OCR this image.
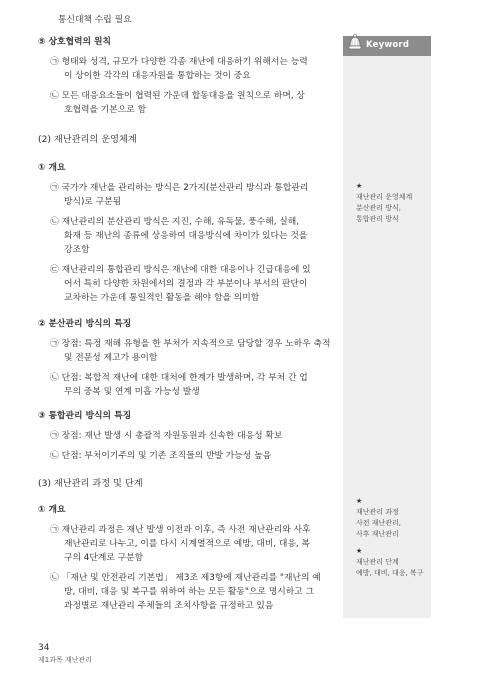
통신대책 수립 필요
⑤ 상호협력의 원칙
㉠ 형태와 성격, 규모가 다양한 각종 재난에 대응하기 위해서는 능력
이 상이한 각각의 대응자원을 통합하는 것이 중요
㉡ 모든 대응요소들이 협력된 가운데 합동대응을 원칙으로 하며, 상
호협력을 기본으로 함
(2) 재난관리의 운영체계
① 개요
㉠ 국가가 재난을 관리하는 방식은 2가지(분산관리 방식과 통합관리
방식)로 구분됨
㉡ 재난관리의 분산관리 방식은 지진, 수해, 유독물, 풍수해, 실해,
화재 등 재난의 종류에 상응하여 대응방식에 차이가 있다는 것을
강조함
㉢ 재난관리의 통합관리 방식은 재난에 대한 대응이나 긴급대응에 있
어서 특히 다양한 차원에서의 결정과 각 부분이나 부서의 판단이
교차하는 가운데 통일적인 활동을 해야 함을 의미함
② 분산관리 방식의 특징
㉠ 장점: 특정 재해 유형을 한 부처가 지속적으로 담당할 경우 노하우 축적
및 전문성 제고가 용이함
㉡ 단점: 복합적 재난에 대한 대처에 한계가 발생하며, 각 부처 간 업
무의 중복 및 연계 미흡 가능성 발생
③ 통합관리 방식의 특징
㉠ 장점: 재난 발생 시 총괄적 자원동원과 신속한 대응성 확보
㉡ 단점: 부처이기주의 및 기존 조직들의 반발 가능성 높음
(3) 재난관리 과정 및 단계
① 개요
㉠ 재난관리 과정은 재난 발생 이전과 이후, 즉 사전 재난관리와 사후
재난관리로 나누고, 이를 다시 시계열적으로 예방, 대비, 대응, 복
구의 4단계로 구분함
㉡ 「재난 및 안전관리 기본법」 제3조 제3항에 재난관리를 "재난의 예
방, 대비, 대응 및 복구를 위하여 하는 모든 활동"으로 명시하고 그
과정별로 재난관리 주체들의 조치사항을 규정하고 있음
Keyword
★
재난관리 운영체계
분산관리 방식,
통합관리 방식
★
재난관리 과정
사전 재난관리,
사후 재난관리
★
재난관리 단계
예방, 대비, 대응, 복구
34
제1과목 재난관리
